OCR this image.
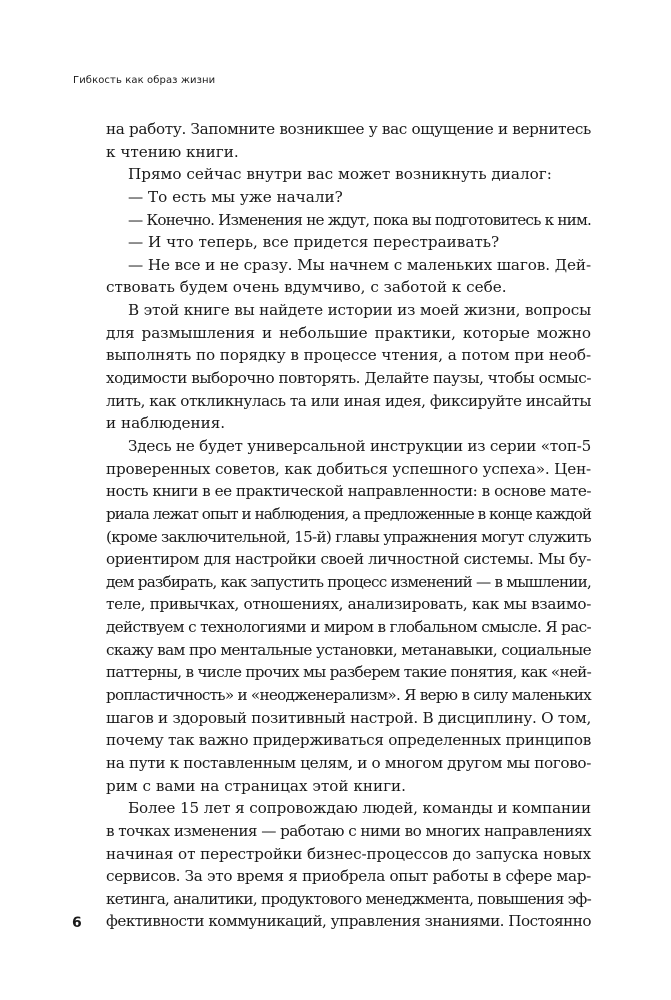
Гибкость как образ жизни
на работу. Запомните возникшее у вас ощущение и вернитесь
к чтению книги.
Прямо сейчас внутри вас может возникнуть диалог:
— То есть мы уже начали?
— Конечно. Изменения не ждут, пока вы подготовитесь к ним.
— И что теперь, все придется перестраивать?
— Не все и не сразу. Мы начнем с маленьких шагов. Дей-
ствовать будем очень вдумчиво, с заботой к себе.
В этой книге вы найдете истории из моей жизни, вопросы
для размышления и небольшие практики, которые можно
выполнять по порядку в процессе чтения, а потом при необ-
ходимости выборочно повторять. Делайте паузы, чтобы осмыс-
лить, как откликнулась та или иная идея, фиксируйте инсайты
и наблюдения.
Здесь не будет универсальной инструкции из серии «топ-5
проверенных советов, как добиться успешного успеха». Цен-
ность книги в ее практической направленности: в основе мате-
риала лежат опыт и наблюдения, а предложенные в конце каждой
(кроме заключительной, 15-й) главы упражнения могут служить
ориентиром для настройки своей личностной системы. Мы бу-
дем разбирать, как запустить процесс изменений — в мышлении,
теле, привычках, отношениях, анализировать, как мы взаимо-
действуем с технологиями и миром в глобальном смысле. Я рас-
скажу вам про ментальные установки, метанавыки, социальные
паттерны, в числе прочих мы разберем такие понятия, как «ней-
ропластичность» и «неодженерализм». Я верю в силу маленьких
шагов и здоровый позитивный настрой. В дисциплину. О том,
почему так важно придерживаться определенных принципов
на пути к поставленным целям, и о многом другом мы погово-
рим с вами на страницах этой книги.
Более 15 лет я сопровождаю людей, команды и компании
в точках изменения — работаю с ними во многих направлениях
начиная от перестройки бизнес-процессов до запуска новых
сервисов. За это время я приобрела опыт работы в сфере мар-
кетинга, аналитики, продуктового менеджмента, повышения эф-
фективности коммуникаций, управления знаниями. Постоянно
6
